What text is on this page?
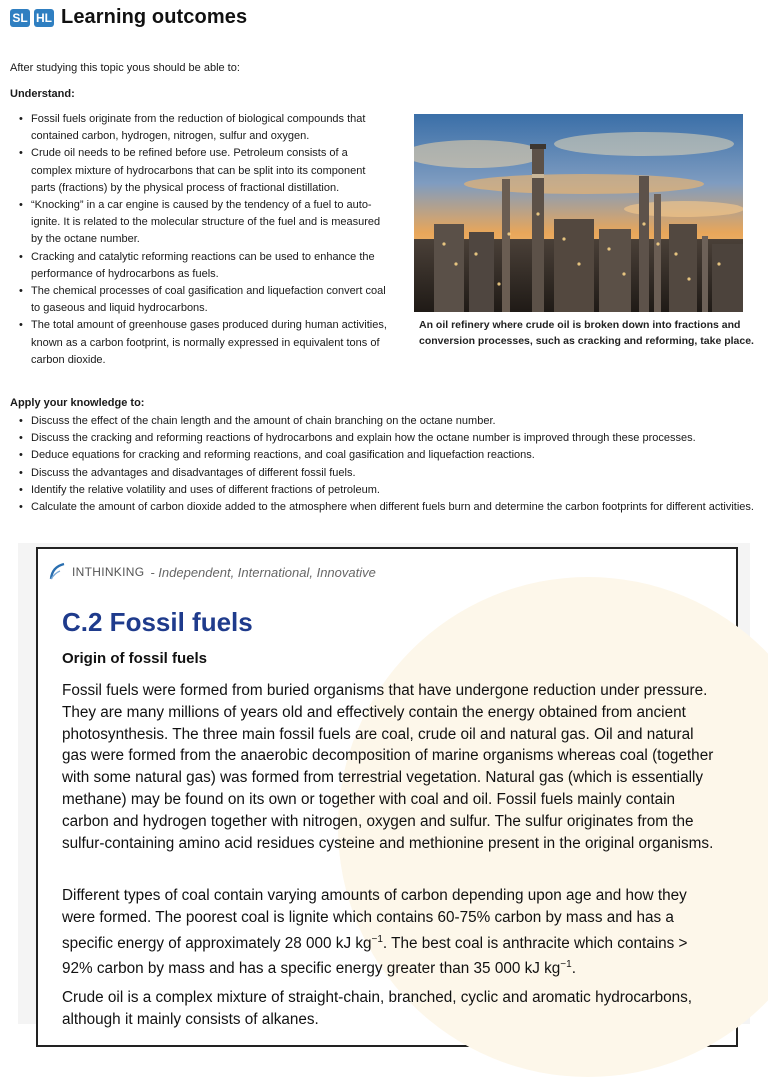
SL HL Learning outcomes
After studying this topic yous should be able to:
Understand:
• Fossil fuels originate from the reduction of biological compounds that contained carbon, hydrogen, nitrogen, sulfur and oxygen.
• Crude oil needs to be refined before use. Petroleum consists of a complex mixture of hydrocarbons that can be split into its component parts (fractions) by the physical process of fractional distillation.
• “Knocking” in a car engine is caused by the tendency of a fuel to auto-ignite. It is related to the molecular structure of the fuel and is measured by the octane number.
• Cracking and catalytic reforming reactions can be used to enhance the performance of hydrocarbons as fuels.
• The chemical processes of coal gasification and liquefaction convert coal to gaseous and liquid hydrocarbons.
• The total amount of greenhouse gases produced during human activities, known as a carbon footprint, is normally expressed in equivalent tons of carbon dioxide.
An oil refinery where crude oil is broken down into fractions and conversion processes, such as cracking and reforming, take place.
Apply your knowledge to:
• Discuss the effect of the chain length and the amount of chain branching on the octane number.
• Discuss the cracking and reforming reactions of hydrocarbons and explain how the octane number is improved through these processes.
• Deduce equations for cracking and reforming reactions, and coal gasification and liquefaction reactions.
• Discuss the advantages and disadvantages of different fossil fuels.
• Identify the relative volatility and uses of different fractions of petroleum.
• Calculate the amount of carbon dioxide added to the atmosphere when different fuels burn and determine the carbon footprints for different activities.
INTHINKING - Independent, International, Innovative
C.2 Fossil fuels
Origin of fossil fuels

Fossil fuels were formed from buried organisms that have undergone reduction under pressure. They are many millions of years old and effectively contain the energy obtained from ancient photosynthesis. The three main fossil fuels are coal, crude oil and natural gas. Oil and natural gas were formed from the anaerobic decomposition of marine organisms whereas coal (together with some natural gas) was formed from terrestrial vegetation. Natural gas (which is essentially methane) may be found on its own or together with coal and oil. Fossil fuels mainly contain carbon and hydrogen together with nitrogen, oxygen and sulfur. The sulfur originates from the sulfur-containing amino acid residues cysteine and methionine present in the original organisms.

Different types of coal contain varying amounts of carbon depending upon age and how they were formed. The poorest coal is lignite which contains 60-75% carbon by mass and has a specific energy of approximately 28 000 kJ $kg^{-1}$. The best coal is anthracite which contains > 92% carbon by mass and has a specific energy greater than 35 000 kJ $kg^{-1}$.

Crude oil is a complex mixture of straight-chain, branched, cyclic and aromatic hydrocarbons, although it mainly consists of alkanes.
